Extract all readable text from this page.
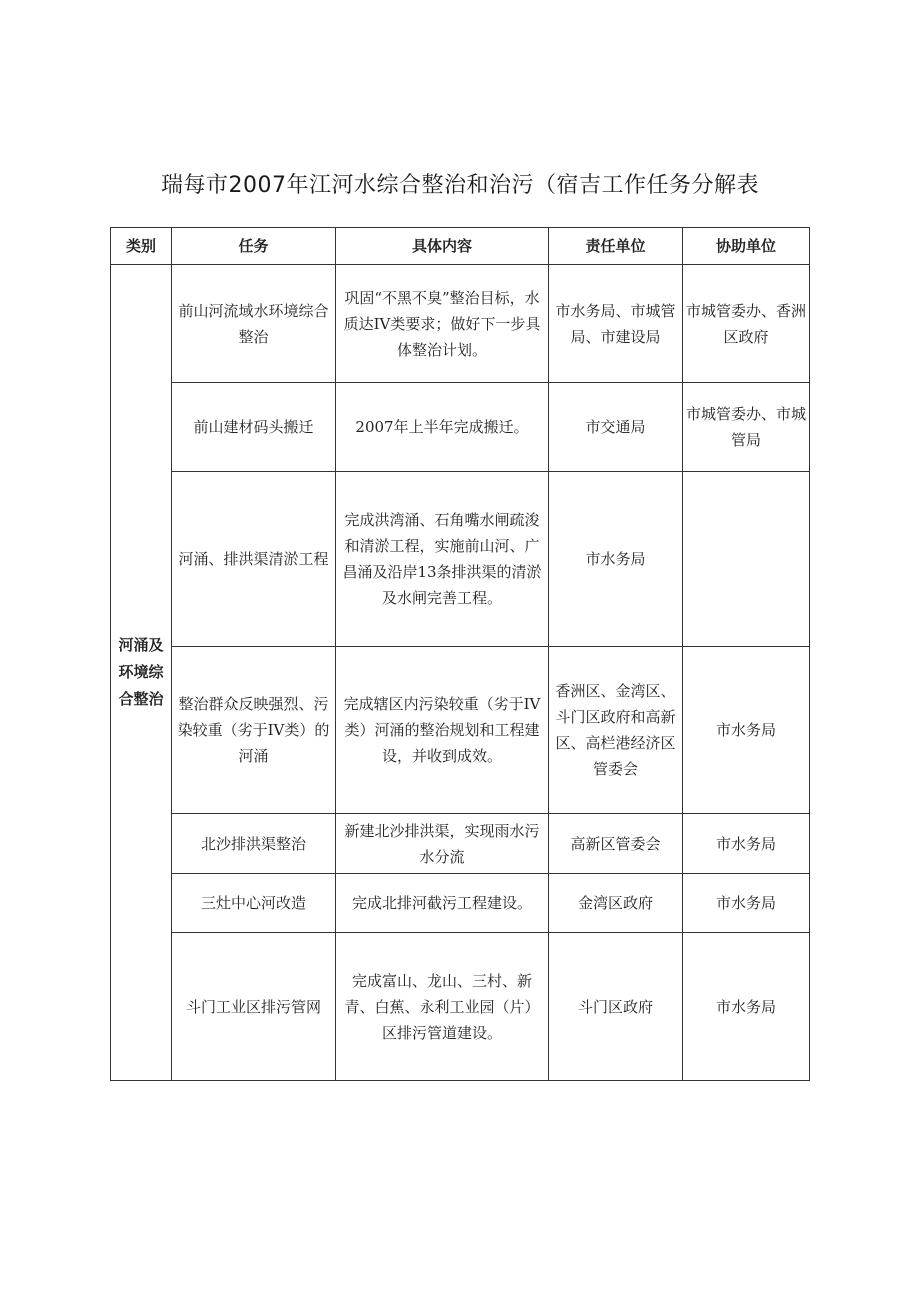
瑞每市2007年江河水综合整治和治污（宿吉工作任务分解表
类别	任务	具体内容	责任单位	协助单位
河涌及环境综合整治	前山河流域水环境综合整治	巩固“不黑不臭”整治目标，水质达IV类要求；做好下一步具体整治计划。	市水务局、市城管局、市建设局	市城管委办、香洲区政府
	前山建材码头搬迁	2007年上半年完成搬迁。	市交通局	市城管委办、市城管局
	河涌、排洪渠清淤工程	完成洪湾涌、石角嘴水闸疏浚和清淤工程，实施前山河、广昌涌及沿岸13条排洪渠的清淤及水闸完善工程。	市水务局	
	整治群众反映强烈、污染较重（劣于IV类）的河涌	完成辖区内污染较重（劣于IV类）河涌的整治规划和工程建设，并收到成效。	香洲区、金湾区、斗门区政府和高新区、高栏港经济区管委会	市水务局
	北沙排洪渠整治	新建北沙排洪渠，实现雨水污水分流	高新区管委会	市水务局
	三灶中心河改造	完成北排河截污工程建设。	金湾区政府	市水务局
	斗门工业区排污管网	完成富山、龙山、三村、新青、白蕉、永利工业园（片）区排污管道建设。	斗门区政府	市水务局
